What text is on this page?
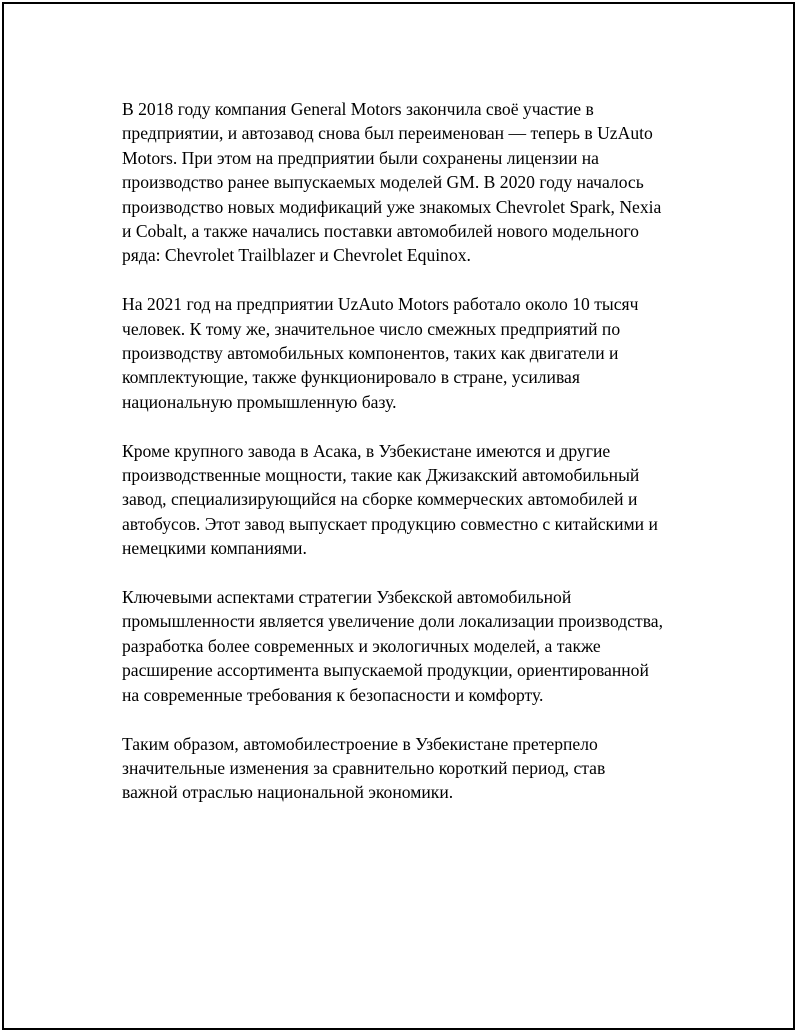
В 2018 году компания General Motors закончила своё участие в
предприятии, и автозавод снова был переименован — теперь в UzAuto
Motors. При этом на предприятии были сохранены лицензии на
производство ранее выпускаемых моделей GM. В 2020 году началось
производство новых модификаций уже знакомых Chevrolet Spark, Nexia
и Cobalt, а также начались поставки автомобилей нового модельного
ряда: Chevrolet Trailblazer и Chevrolet Equinox.

На 2021 год на предприятии UzAuto Motors работало около 10 тысяч
человек. К тому же, значительное число смежных предприятий по
производству автомобильных компонентов, таких как двигатели и
комплектующие, также функционировало в стране, усиливая
национальную промышленную базу.

Кроме крупного завода в Асака, в Узбекистане имеются и другие
производственные мощности, такие как Джизакский автомобильный
завод, специализирующийся на сборке коммерческих автомобилей и
автобусов. Этот завод выпускает продукцию совместно с китайскими и
немецкими компаниями.

Ключевыми аспектами стратегии Узбекской автомобильной
промышленности является увеличение доли локализации производства,
разработка более современных и экологичных моделей, а также
расширение ассортимента выпускаемой продукции, ориентированной
на современные требования к безопасности и комфорту.

Таким образом, автомобилестроение в Узбекистане претерпело
значительные изменения за сравнительно короткий период, став
важной отраслью национальной экономики.
